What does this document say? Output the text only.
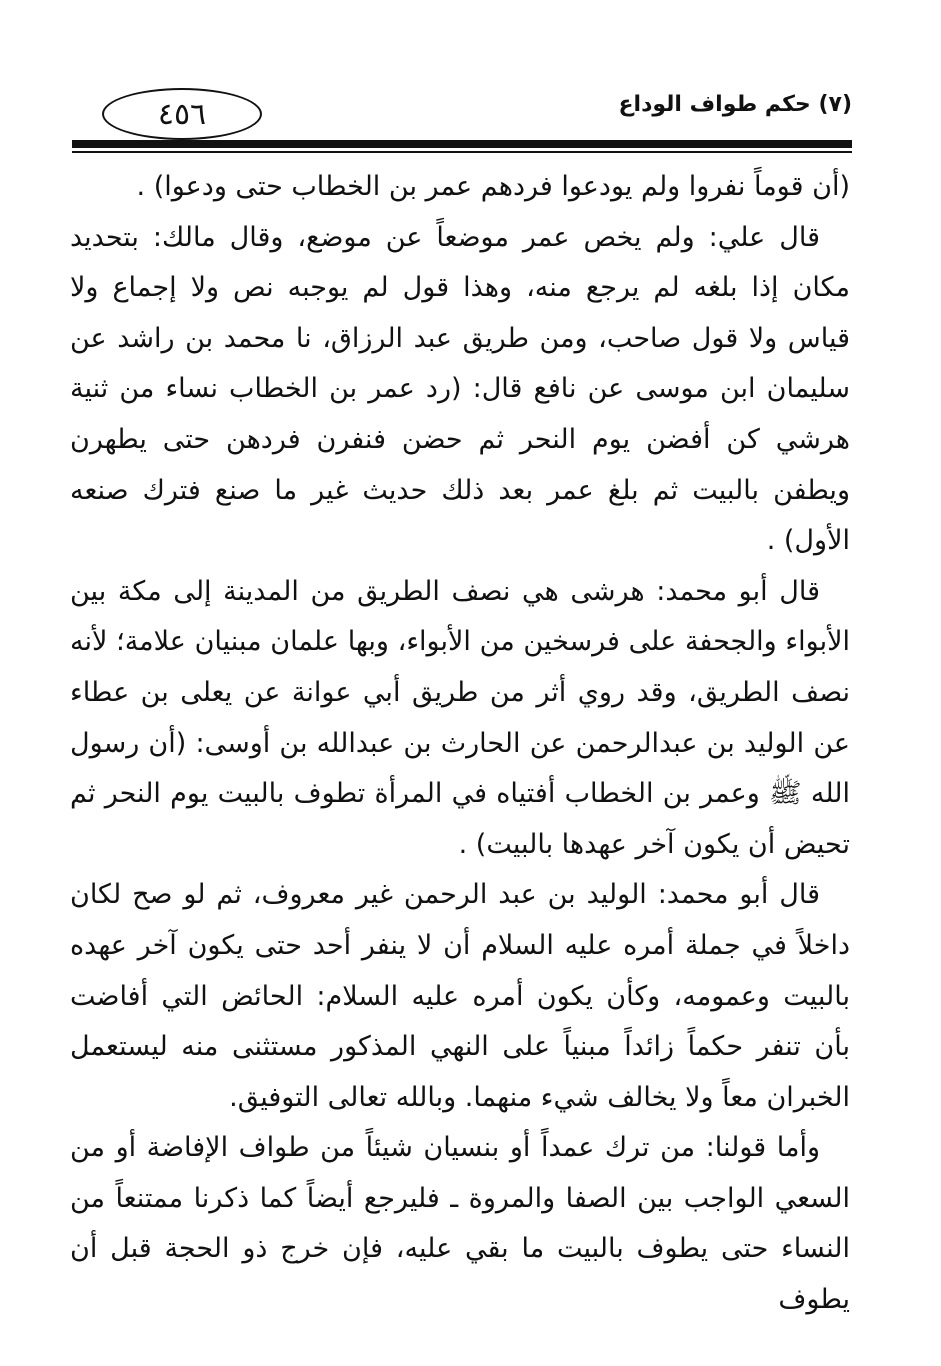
٤٥٦	(٧) حكم طواف الوداع

(أن قوماً نفروا ولم يودعوا فردهم عمر بن الخطاب حتى ودعوا) .

قال علي: ولم يخص عمر موضعاً عن موضع، وقال مالك: بتحديد مكان إذا بلغه لم يرجع منه، وهذا قول لم يوجبه نص ولا إجماع ولا قياس ولا قول صاحب، ومن طريق عبد الرزاق، نا محمد بن راشد عن سليمان ابن موسى عن نافع قال: (رد عمر بن الخطاب نساء من ثنية هرشي كن أفضن يوم النحر ثم حضن فنفرن فردهن حتى يطهرن ويطفن بالبيت ثم بلغ عمر بعد ذلك حديث غير ما صنع فترك صنعه الأول) .

قال أبو محمد: هرشى هي نصف الطريق من المدينة إلى مكة بين الأبواء والجحفة على فرسخين من الأبواء، وبها علمان مبنيان علامة؛ لأنه نصف الطريق، وقد روي أثر من طريق أبي عوانة عن يعلى بن عطاء عن الوليد بن عبدالرحمن عن الحارث بن عبدالله بن أوسى: (أن رسول الله ﷺ وعمر بن الخطاب أفتياه في المرأة تطوف بالبيت يوم النحر ثم تحيض أن يكون آخر عهدها بالبيت) .

قال أبو محمد: الوليد بن عبد الرحمن غير معروف، ثم لو صح لكان داخلاً في جملة أمره عليه السلام أن لا ينفر أحد حتى يكون آخر عهده بالبيت وعمومه، وكأن يكون أمره عليه السلام: الحائض التي أفاضت بأن تنفر حكماً زائداً مبنياً على النهي المذكور مستثنى منه ليستعمل الخبران معاً ولا يخالف شيء منهما. وبالله تعالى التوفيق.

وأما قولنا: من ترك عمداً أو بنسيان شيئاً من طواف الإفاضة أو من السعي الواجب بين الصفا والمروة ـ فليرجع أيضاً كما ذكرنا ممتنعاً من النساء حتى يطوف بالبيت ما بقي عليه، فإن خرج ذو الحجة قبل أن يطوف
